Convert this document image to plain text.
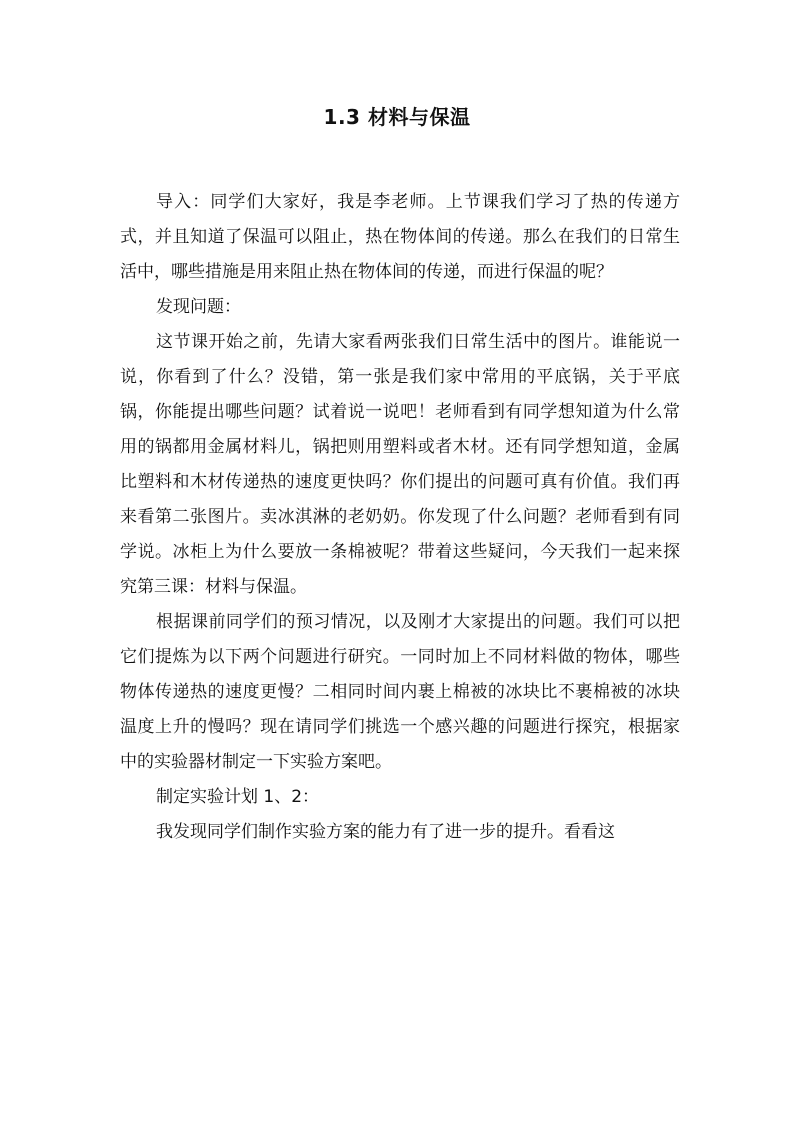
1.3 材料与保温

导入：同学们大家好，我是李老师。上节课我们学习了热的传递方式，并且知道了保温可以阻止，热在物体间的传递。那么在我们的日常生活中，哪些措施是用来阻止热在物体间的传递，而进行保温的呢？

发现问题：

这节课开始之前，先请大家看两张我们日常生活中的图片。谁能说一说，你看到了什么？没错，第一张是我们家中常用的平底锅，关于平底锅，你能提出哪些问题？试着说一说吧！老师看到有同学想知道为什么常用的锅都用金属材料儿，锅把则用塑料或者木材。还有同学想知道，金属比塑料和木材传递热的速度更快吗？你们提出的问题可真有价值。我们再来看第二张图片。卖冰淇淋的老奶奶。你发现了什么问题？老师看到有同学说。冰柜上为什么要放一条棉被呢？带着这些疑问，今天我们一起来探究第三课：材料与保温。

根据课前同学们的预习情况，以及刚才大家提出的问题。我们可以把它们提炼为以下两个问题进行研究。一同时加上不同材料做的物体，哪些物体传递热的速度更慢？二相同时间内裹上棉被的冰块比不裹棉被的冰块温度上升的慢吗？现在请同学们挑选一个感兴趣的问题进行探究，根据家中的实验器材制定一下实验方案吧。

制定实验计划 1、2：

我发现同学们制作实验方案的能力有了进一步的提升。看看这
